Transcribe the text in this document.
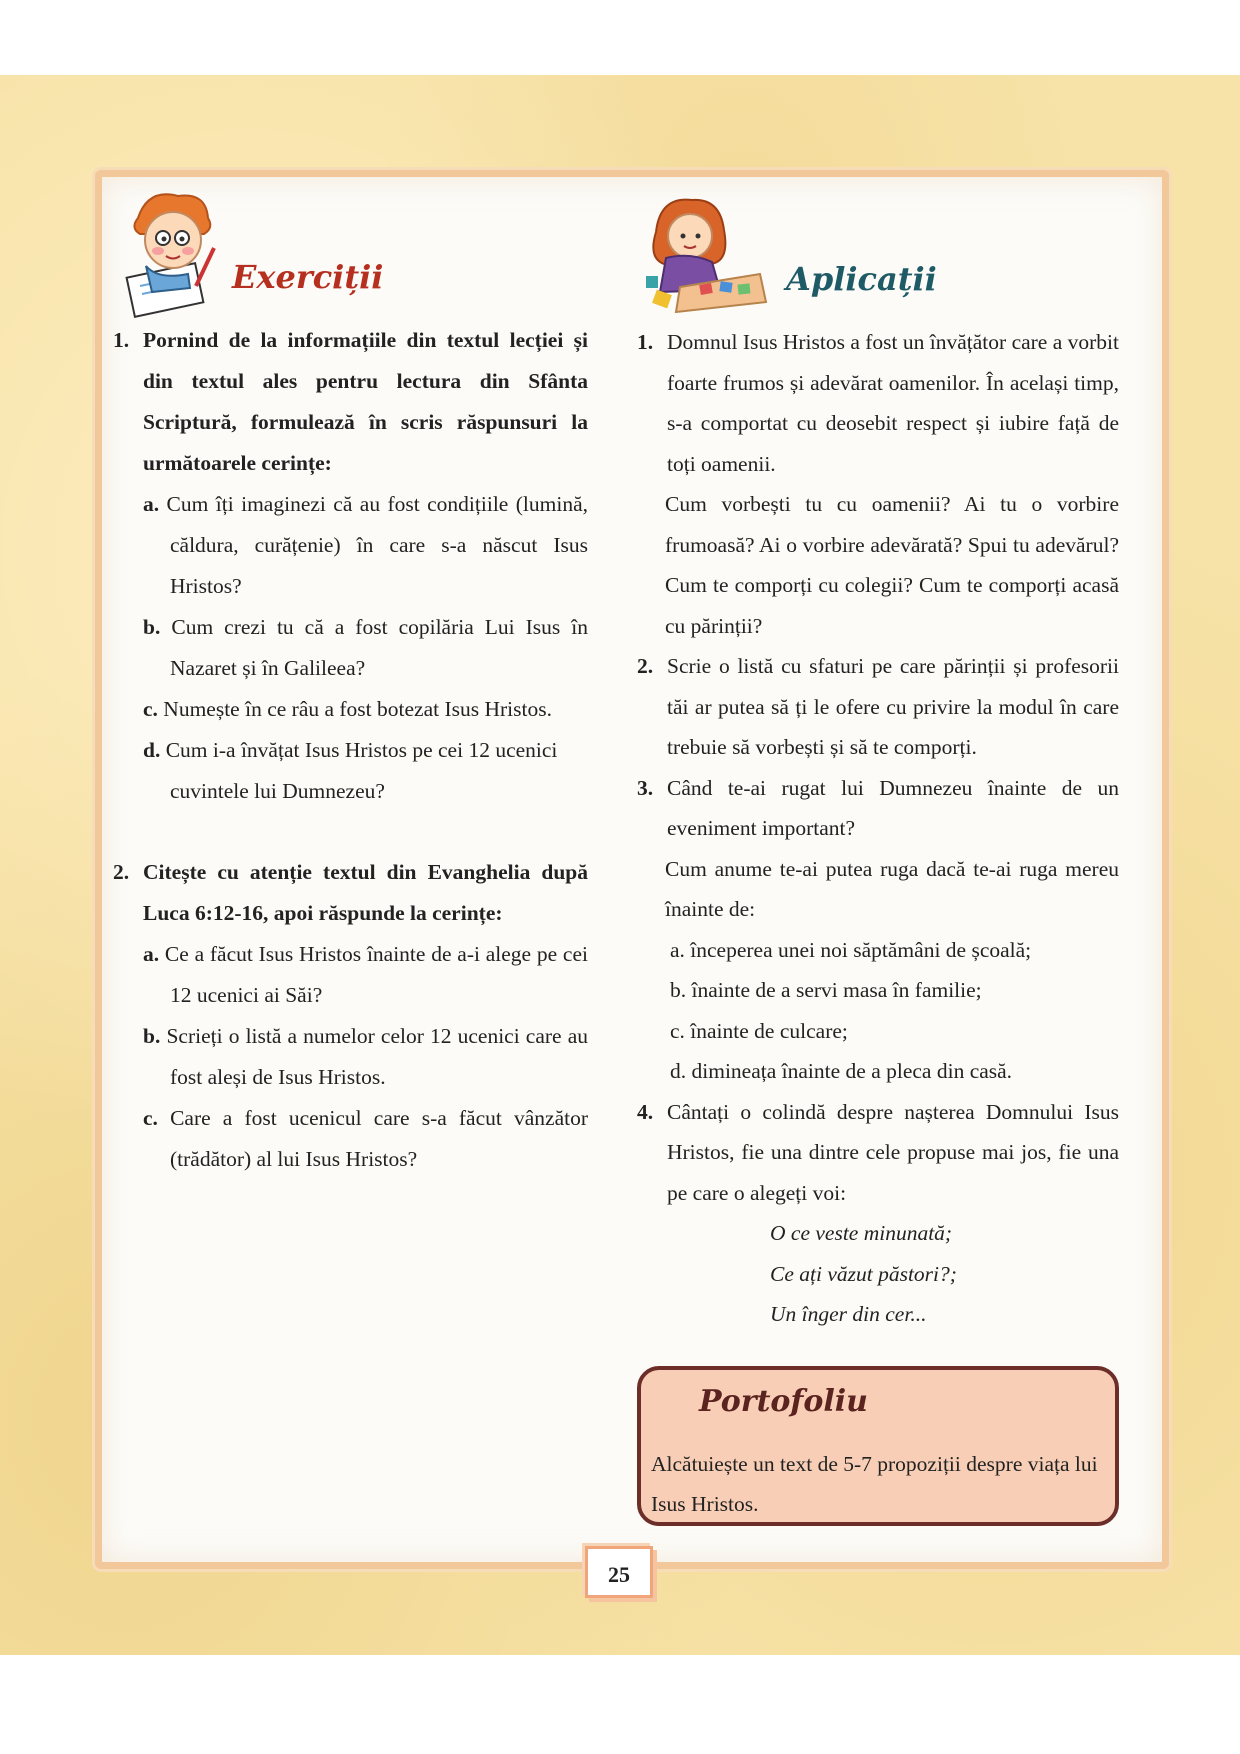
Exerciții	Aplicații
1. Pornind de la informațiile din textul lecției și din textul ales pentru lectura din Sfânta Scriptură, formulează în scris răspunsuri la următoarele cerințe:
a. Cum îți imaginezi că au fost condițiile (lumină, căldura, curățenie) în care s-a născut Isus Hristos?
b. Cum crezi tu că a fost copilăria Lui Isus în Nazaret și în Galileea?
c. Numește în ce râu a fost botezat Isus Hristos.
d. Cum i-a învățat Isus Hristos pe cei 12 ucenici cuvintele lui Dumnezeu?
2. Citește cu atenție textul din Evanghelia după Luca 6:12-16, apoi răspunde la cerințe:
a. Ce a făcut Isus Hristos înainte de a-i alege pe cei 12 ucenici ai Săi?
b. Scrieți o listă a numelor celor 12 ucenici care au fost aleși de Isus Hristos.
c. Care a fost ucenicul care s-a făcut vânzător (trădător) al lui Isus Hristos?
1. Domnul Isus Hristos a fost un învățător care a vorbit foarte frumos și adevărat oamenilor. În același timp, s-a comportat cu deosebit respect și iubire față de toți oamenii.
Cum vorbești tu cu oamenii? Ai tu o vorbire frumoasă? Ai o vorbire adevărată? Spui tu adevărul? Cum te comporți cu colegii? Cum te comporți acasă cu părinții?
2. Scrie o listă cu sfaturi pe care părinții și profesorii tăi ar putea să ți le ofere cu privire la modul în care trebuie să vorbești și să te comporți.
3. Când te-ai rugat lui Dumnezeu înainte de un eveniment important?
Cum anume te-ai putea ruga dacă te-ai ruga mereu înainte de:
a. începerea unei noi săptămâni de școală;
b. înainte de a servi masa în familie;
c. înainte de culcare;
d. dimineața înainte de a pleca din casă.
4. Cântați o colindă despre nașterea Domnului Isus Hristos, fie una dintre cele propuse mai jos, fie una pe care o alegeți voi:
O ce veste minunată;
Ce ați văzut păstori?;
Un înger din cer...
Portofoliu
Alcătuiește un text de 5-7 propoziții despre viața lui Isus Hristos.
25
